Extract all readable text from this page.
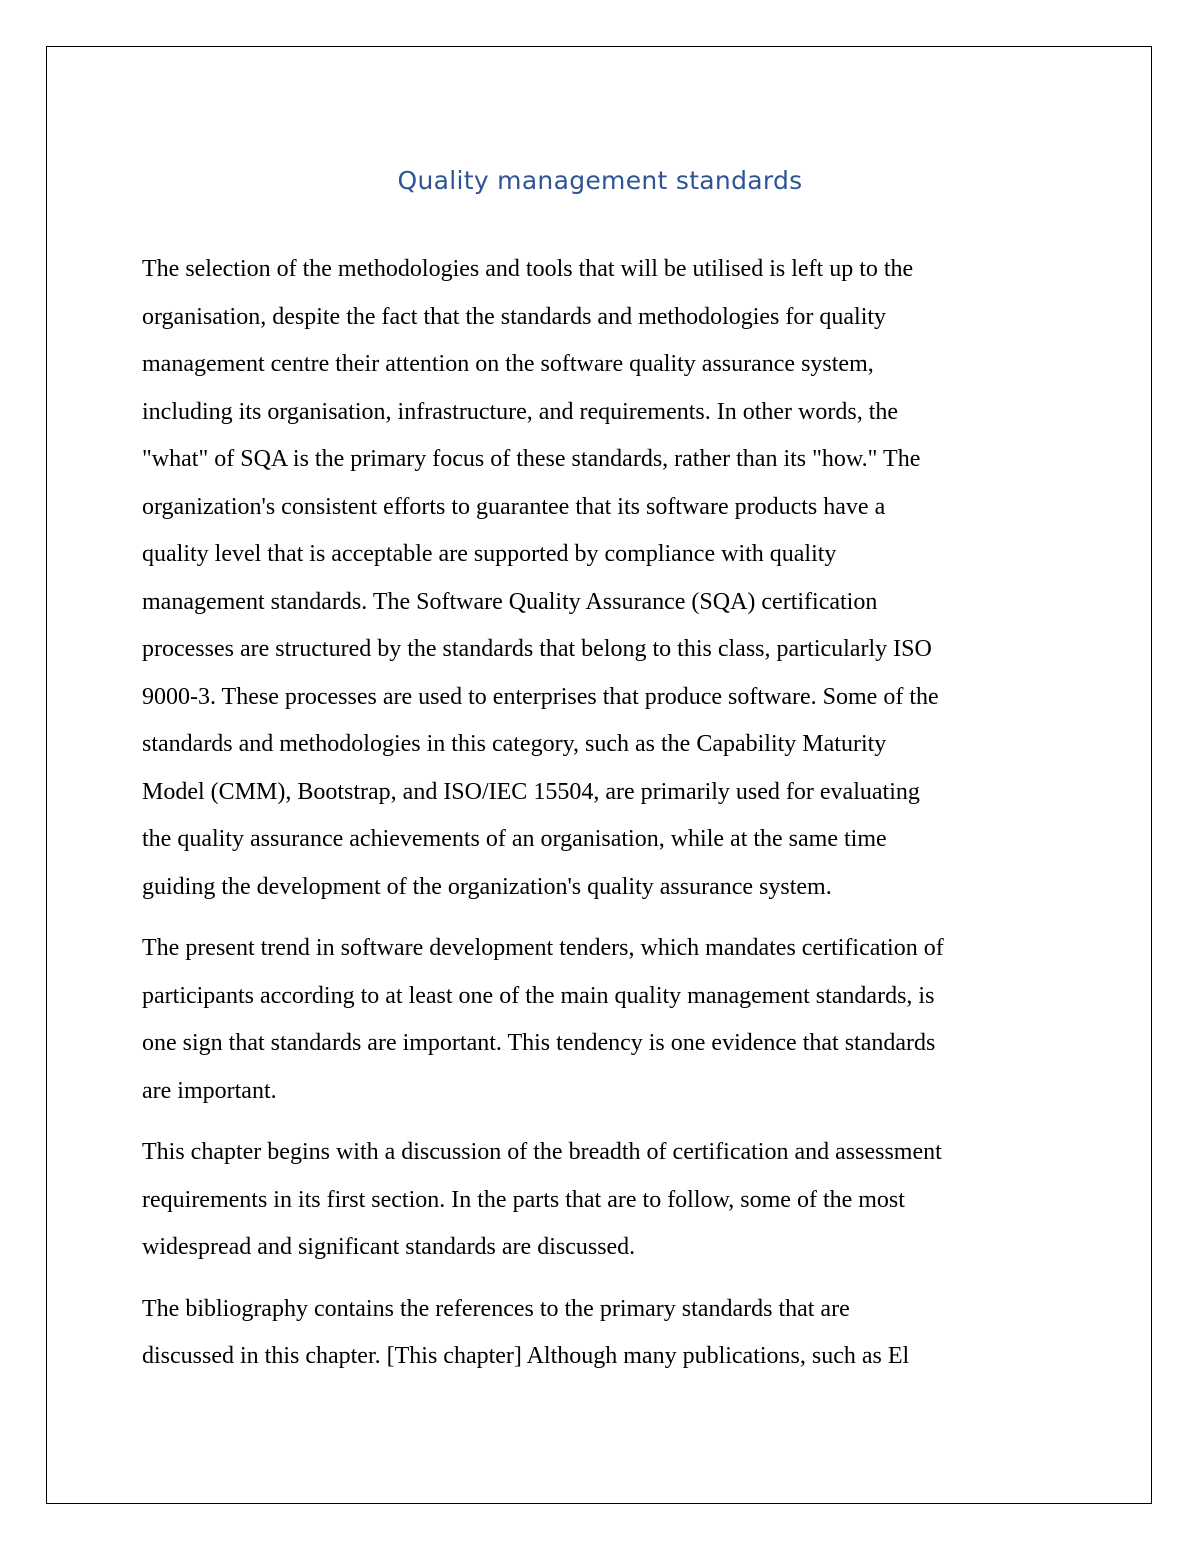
Quality management standards

The selection of the methodologies and tools that will be utilised is left up to the
organisation, despite the fact that the standards and methodologies for quality
management centre their attention on the software quality assurance system,
including its organisation, infrastructure, and requirements. In other words, the
"what" of SQA is the primary focus of these standards, rather than its "how." The
organization's consistent efforts to guarantee that its software products have a
quality level that is acceptable are supported by compliance with quality
management standards. The Software Quality Assurance (SQA) certification
processes are structured by the standards that belong to this class, particularly ISO
9000-3. These processes are used to enterprises that produce software. Some of the
standards and methodologies in this category, such as the Capability Maturity
Model (CMM), Bootstrap, and ISO/IEC 15504, are primarily used for evaluating
the quality assurance achievements of an organisation, while at the same time
guiding the development of the organization's quality assurance system.

The present trend in software development tenders, which mandates certification of
participants according to at least one of the main quality management standards, is
one sign that standards are important. This tendency is one evidence that standards
are important.

This chapter begins with a discussion of the breadth of certification and assessment
requirements in its first section. In the parts that are to follow, some of the most
widespread and significant standards are discussed.

The bibliography contains the references to the primary standards that are
discussed in this chapter. [This chapter] Although many publications, such as El
